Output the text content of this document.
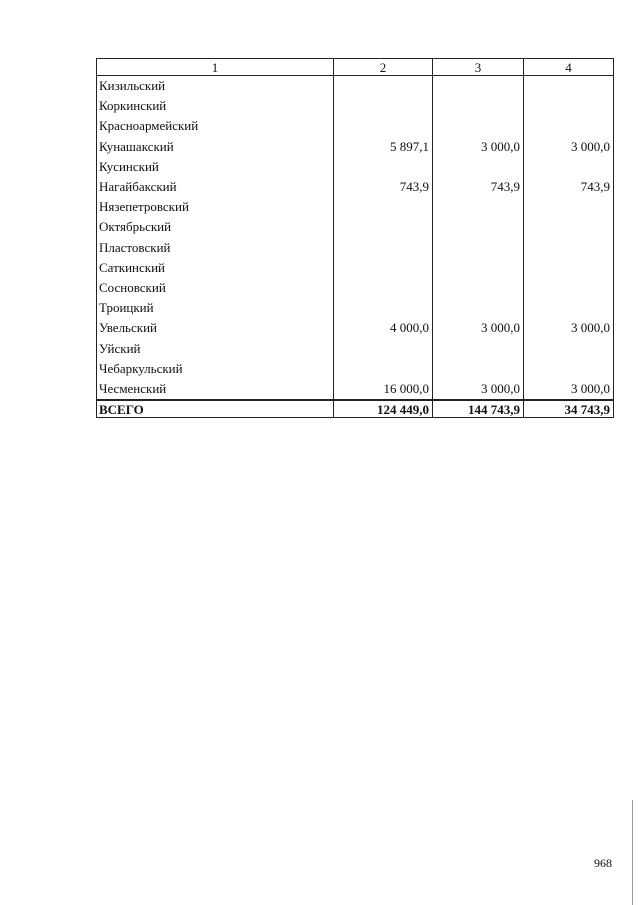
1	2	3	4
Кизильский			
Коркинский			
Красноармейский			
Кунашакский	5 897,1	3 000,0	3 000,0
Кусинский			
Нагайбакский	743,9	743,9	743,9
Нязепетровский			
Октябрьский			
Пластовский			
Саткинский			
Сосновский			
Троицкий			
Увельский	4 000,0	3 000,0	3 000,0
Уйский			
Чебаркульский			
Чесменский	16 000,0	3 000,0	3 000,0
ВСЕГО	124 449,0	144 743,9	34 743,9
968
